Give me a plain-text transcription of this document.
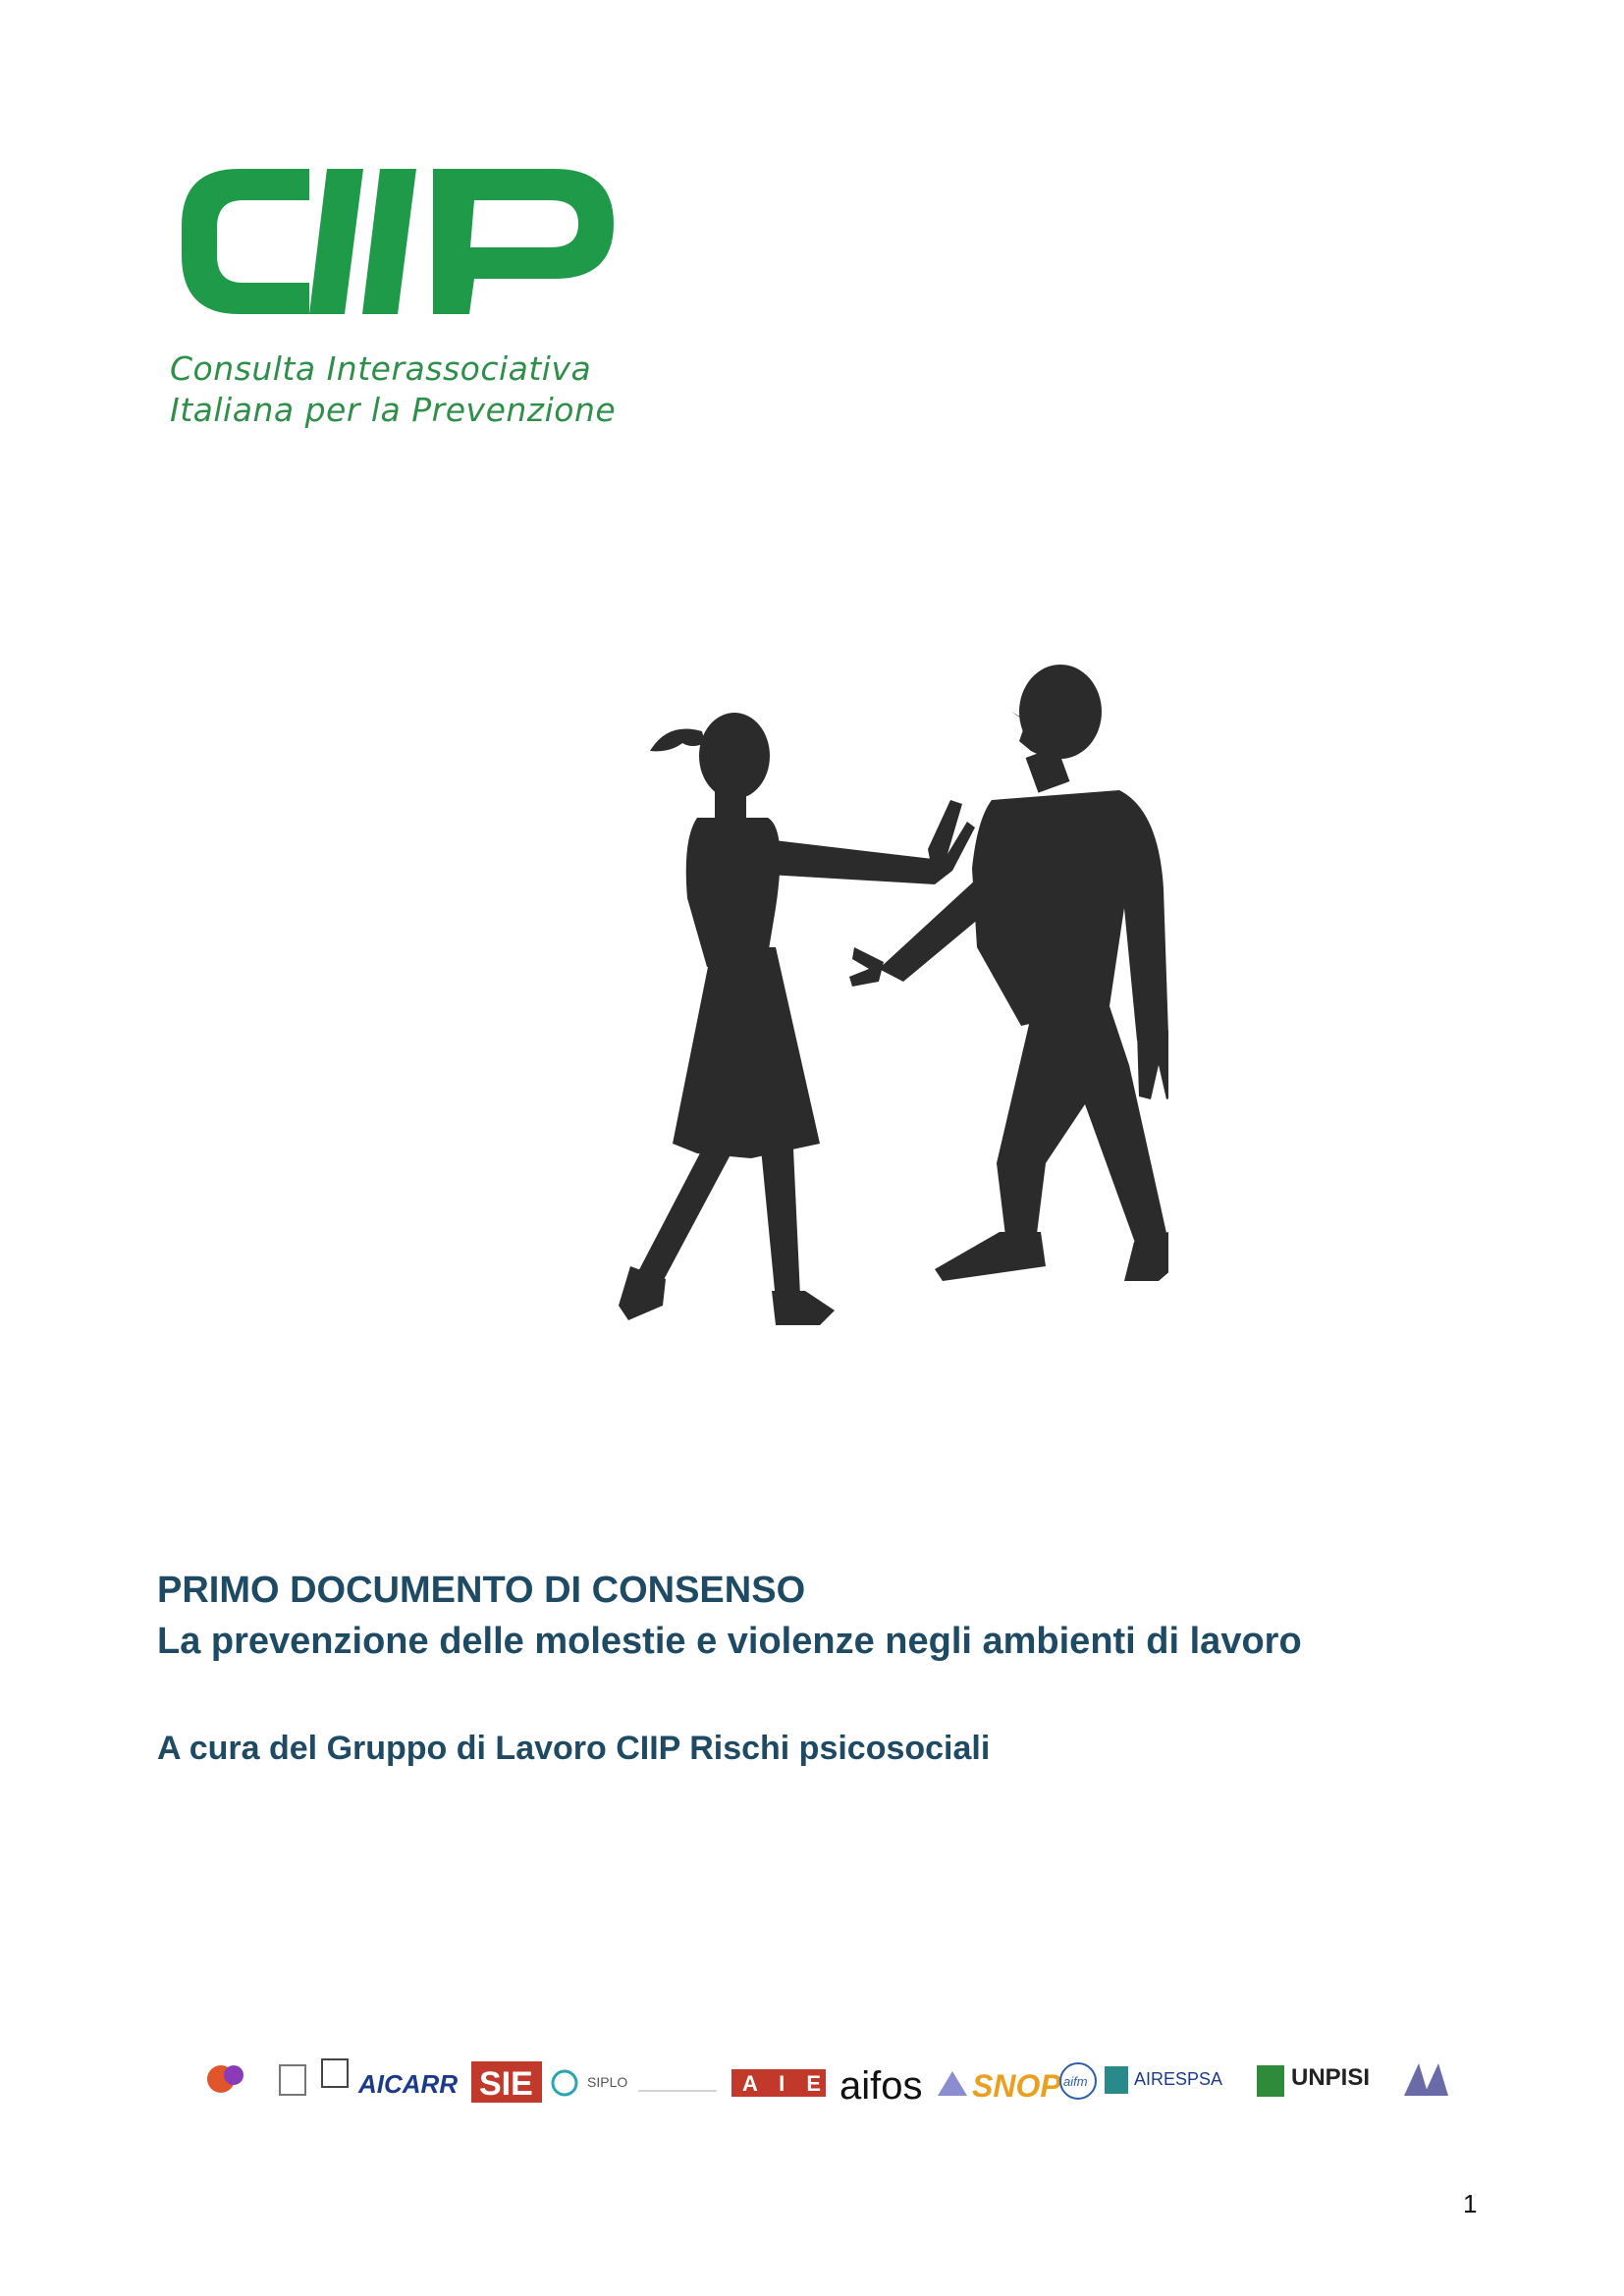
Consulta Interassociativa
Italiana per la Prevenzione
PRIMO DOCUMENTO DI CONSENSO
La prevenzione delle molestie e violenze negli ambienti di lavoro
A cura del Gruppo di Lavoro CIIP Rischi psicosociali
AICARR SIE	SIPLO	A I E aifos SNOP aifm	AIRESPSA	UNPISI
1
